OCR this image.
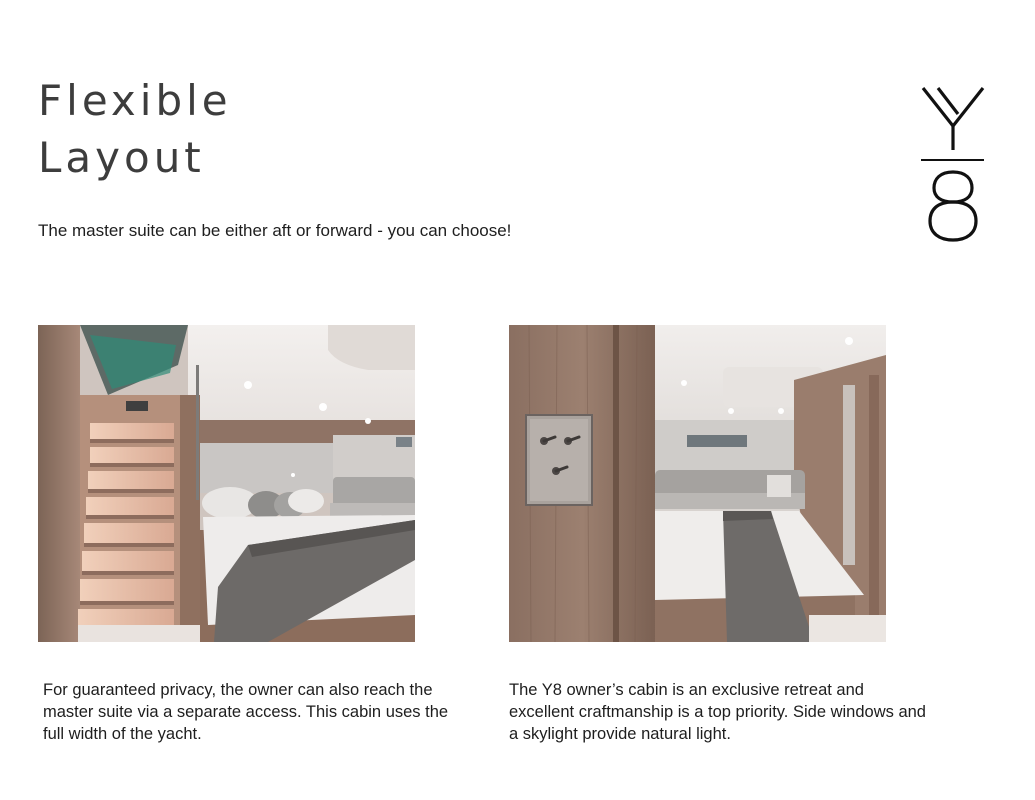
Flexible
Layout

The master suite can be either aft or forward - you can choose!

For guaranteed privacy, the owner can also reach the master suite via a separate access. This cabin uses the full width of the yacht.

The Y8 owner’s cabin is an exclusive retreat and excellent craftmanship is a top priority. Side windows and a skylight provide natural light.
